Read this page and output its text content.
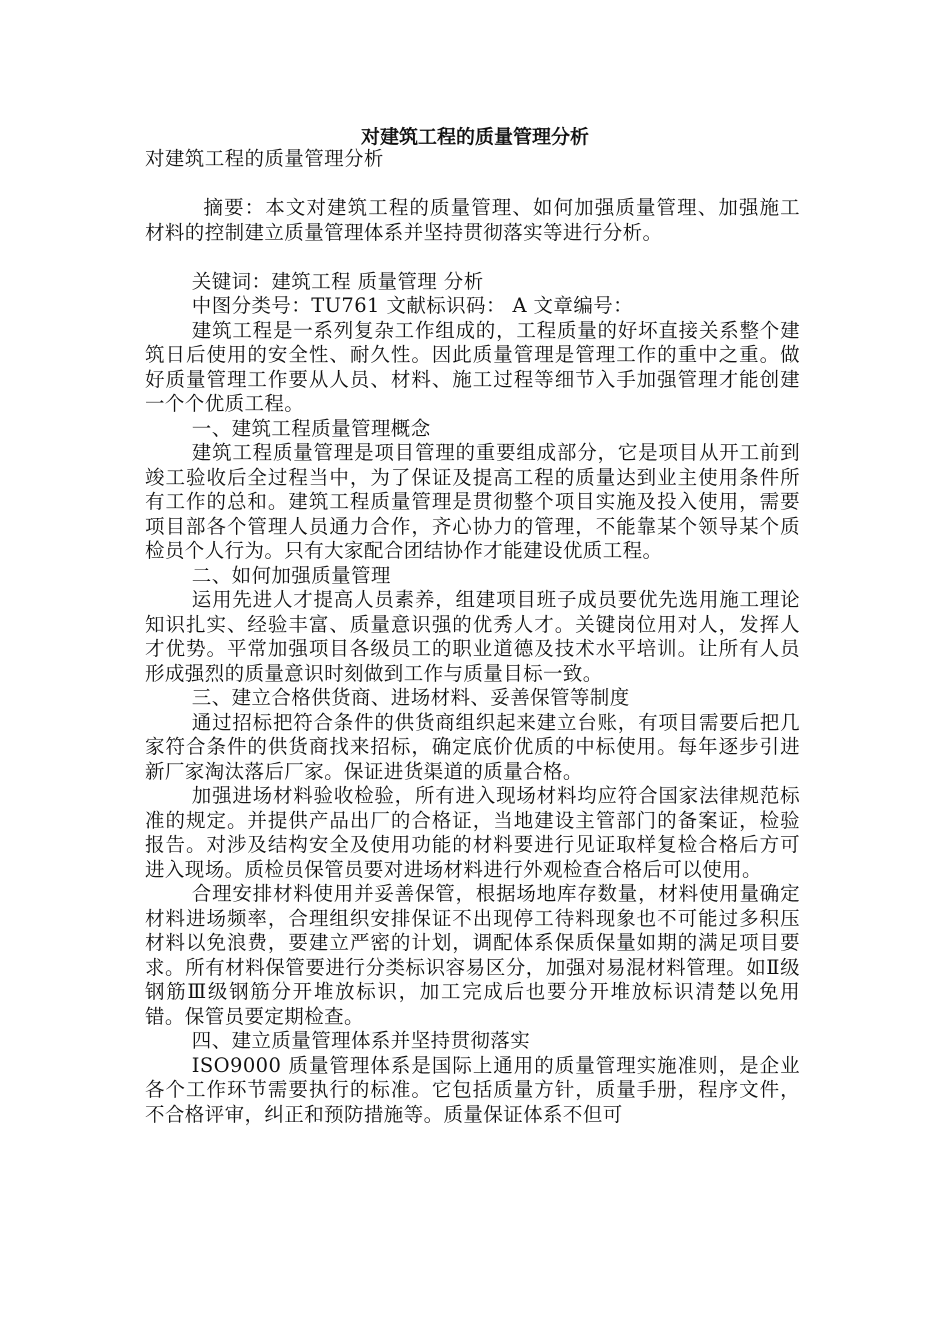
对建筑工程的质量管理分析

对建筑工程的质量管理分析

摘要：本文对建筑工程的质量管理、如何加强质量管理、加强施工材料的控制建立质量管理体系并坚持贯彻落实等进行分析。

关键词：建筑工程 质量管理 分析

中图分类号：TU761 文献标识码： A 文章编号：

建筑工程是一系列复杂工作组成的，工程质量的好坏直接关系整个建筑日后使用的安全性、耐久性。因此质量管理是管理工作的重中之重。做好质量管理工作要从人员、材料、施工过程等细节入手加强管理才能创建一个个优质工程。

一、建筑工程质量管理概念

建筑工程质量管理是项目管理的重要组成部分，它是项目从开工前到竣工验收后全过程当中，为了保证及提高工程的质量达到业主使用条件所有工作的总和。建筑工程质量管理是贯彻整个项目实施及投入使用，需要项目部各个管理人员通力合作，齐心协力的管理，不能靠某个领导某个质检员个人行为。只有大家配合团结协作才能建设优质工程。

二、如何加强质量管理

运用先进人才提高人员素养，组建项目班子成员要优先选用施工理论知识扎实、经验丰富、质量意识强的优秀人才。关键岗位用对人，发挥人才优势。平常加强项目各级员工的职业道德及技术水平培训。让所有人员形成强烈的质量意识时刻做到工作与质量目标一致。

三、建立合格供货商、进场材料、妥善保管等制度

通过招标把符合条件的供货商组织起来建立台账，有项目需要后把几家符合条件的供货商找来招标，确定底价优质的中标使用。每年逐步引进新厂家淘汰落后厂家。保证进货渠道的质量合格。

加强进场材料验收检验，所有进入现场材料均应符合国家法律规范标准的规定。并提供产品出厂的合格证，当地建设主管部门的备案证，检验报告。对涉及结构安全及使用功能的材料要进行见证取样复检合格后方可进入现场。质检员保管员要对进场材料进行外观检查合格后可以使用。

合理安排材料使用并妥善保管，根据场地库存数量，材料使用量确定材料进场频率，合理组织安排保证不出现停工待料现象也不可能过多积压材料以免浪费，要建立严密的计划，调配体系保质保量如期的满足项目要求。所有材料保管要进行分类标识容易区分，加强对易混材料管理。如Ⅱ级钢筋Ⅲ级钢筋分开堆放标识，加工完成后也要分开堆放标识清楚以免用错。保管员要定期检查。

四、建立质量管理体系并坚持贯彻落实

ISO9000 质量管理体系是国际上通用的质量管理实施准则，是企业各个工作环节需要执行的标准。它包括质量方针，质量手册，程序文件，不合格评审，纠正和预防措施等。质量保证体系不但可
